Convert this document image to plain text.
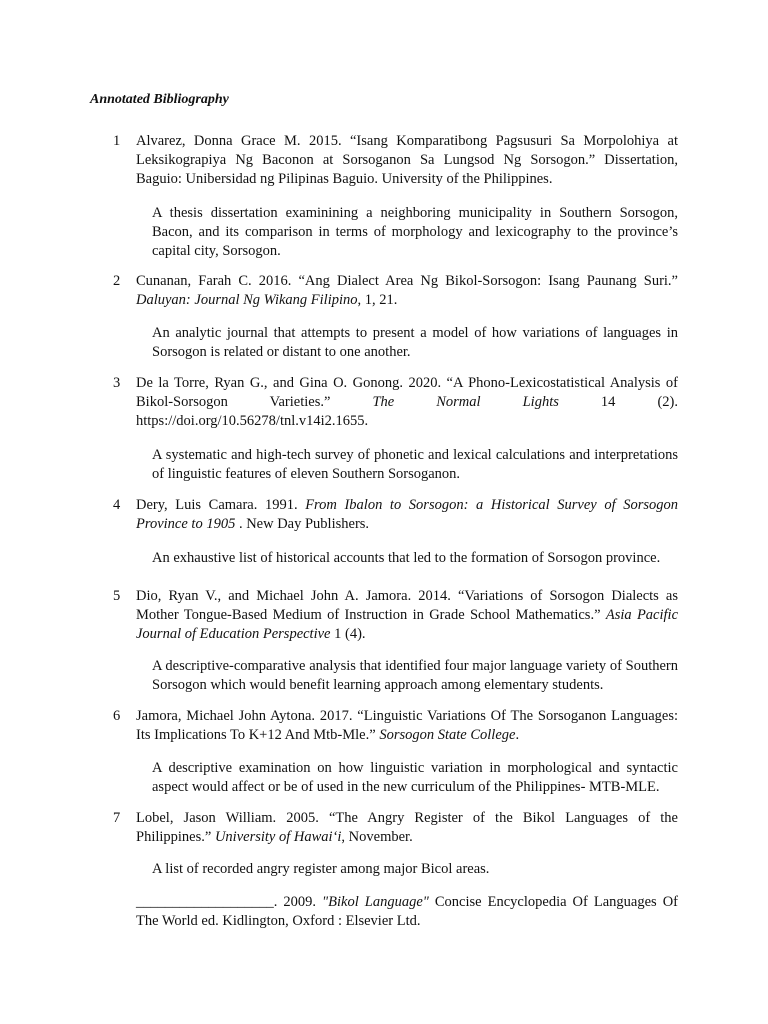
Annotated Bibliography
1 Alvarez, Donna Grace M. 2015. “Isang Komparatibong Pagsusuri Sa Morpolohiya at Leksikograpiya Ng Baconon at Sorsoganon Sa Lungsod Ng Sorsogon.” Dissertation, Baguio: Unibersidad ng Pilipinas Baguio. University of the Philippines.

A thesis dissertation examinining a neighboring municipality in Southern Sorsogon, Bacon, and its comparison in terms of morphology and lexicography to the province’s capital city, Sorsogon.

2 Cunanan, Farah C. 2016. “Ang Dialect Area Ng Bikol-Sorsogon: Isang Paunang Suri.” Daluyan: Journal Ng Wikang Filipino, 1, 21.

An analytic journal that attempts to present a model of how variations of languages in Sorsogon is related or distant to one another.

3 De la Torre, Ryan G., and Gina O. Gonong. 2020. “A Phono-Lexicostatistical Analysis of Bikol-Sorsogon Varieties.” The Normal Lights 14 (2). https://doi.org/10.56278/tnl.v14i2.1655.

A systematic and high-tech survey of phonetic and lexical calculations and interpretations of linguistic features of eleven Southern Sorsoganon.

4 Dery, Luis Camara. 1991. From Ibalon to Sorsogon: a Historical Survey of Sorsogon Province to 1905 . New Day Publishers.

An exhaustive list of historical accounts that led to the formation of Sorsogon province.

5 Dio, Ryan V., and Michael John A. Jamora. 2014. “Variations of Sorsogon Dialects as Mother Tongue-Based Medium of Instruction in Grade School Mathematics.” Asia Pacific Journal of Education Perspective 1 (4).

A descriptive-comparative analysis that identified four major language variety of Southern Sorsogon which would benefit learning approach among elementary students.

6 Jamora, Michael John Aytona. 2017. “Linguistic Variations Of The Sorsoganon Languages: Its Implications To K+12 And Mtb-Mle.” Sorsogon State College.

A descriptive examination on how linguistic variation in morphological and syntactic aspect would affect or be of used in the new curriculum of the Philippines- MTB-MLE.

7 Lobel, Jason William. 2005. “The Angry Register of the Bikol Languages of the Philippines.” University of Hawaiʻi, November.

A list of recorded angry register among major Bicol areas.

___________________. 2009. "Bikol Language" Concise Encyclopedia Of Languages Of The World ed. Kidlington, Oxford : Elsevier Ltd.
